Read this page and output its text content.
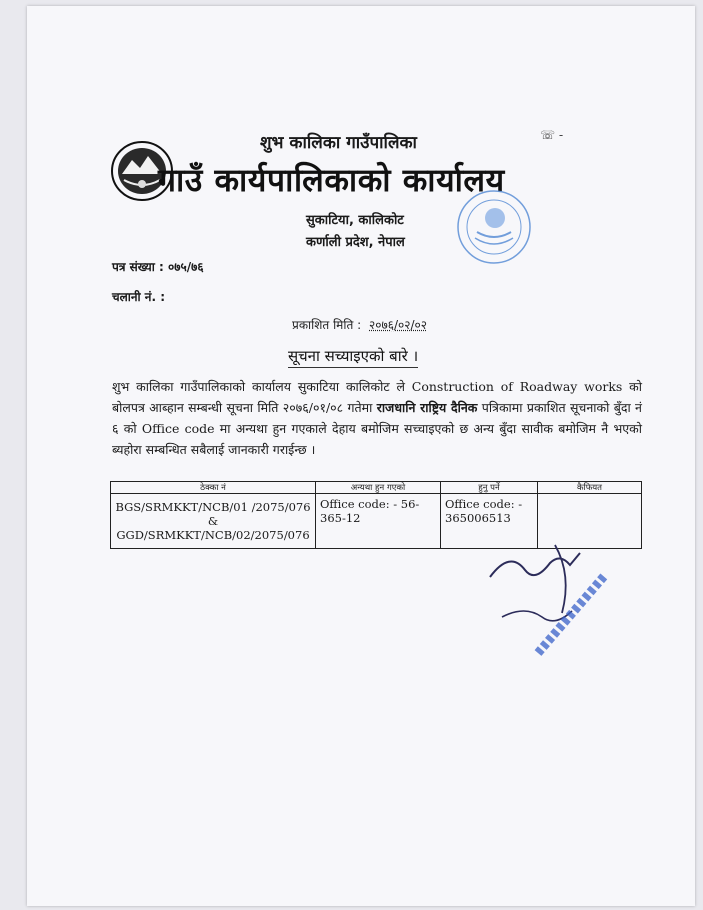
शुभ कालिका गाउँपालिका	☏ -
गाउँ कार्यपालिकाको कार्यालय
सुकाटिया, कालिकोट
कर्णाली प्रदेश, नेपाल
पत्र संख्या : ०७५/७६
चलानी नं. :
प्रकाशित मिति : २०७६/०२/०२
सूचना सच्याइएको बारे ।
शुभ कालिका गाउँपालिकाको कार्यालय सुकाटिया कालिकोट ले Construction of Roadway works को बोलपत्र आब्हान सम्बन्धी सूचना मिति २०७६/०१/०८ गतेमा राजधानि राष्ट्रिय दैनिक पत्रिकामा प्रकाशित सूचनाको बुँदा नं ६ को Office code मा अन्यथा हुन गएकाले देहाय बमोजिम सच्चाइएको छ अन्य बुँदा सावीक बमोजिम नै भएको ब्यहोरा सम्बन्धित सबैलाई जानकारी गराईन्छ ।
ठेक्का नं	अन्यथा हुन गएको	हुनु पर्ने	कैफियत
BGS/SRMKKT/NCB/01 /2075/076 & GGD/SRMKKT/NCB/02/2075/076	Office code: - 56-365-12	Office code: - 365006513	
